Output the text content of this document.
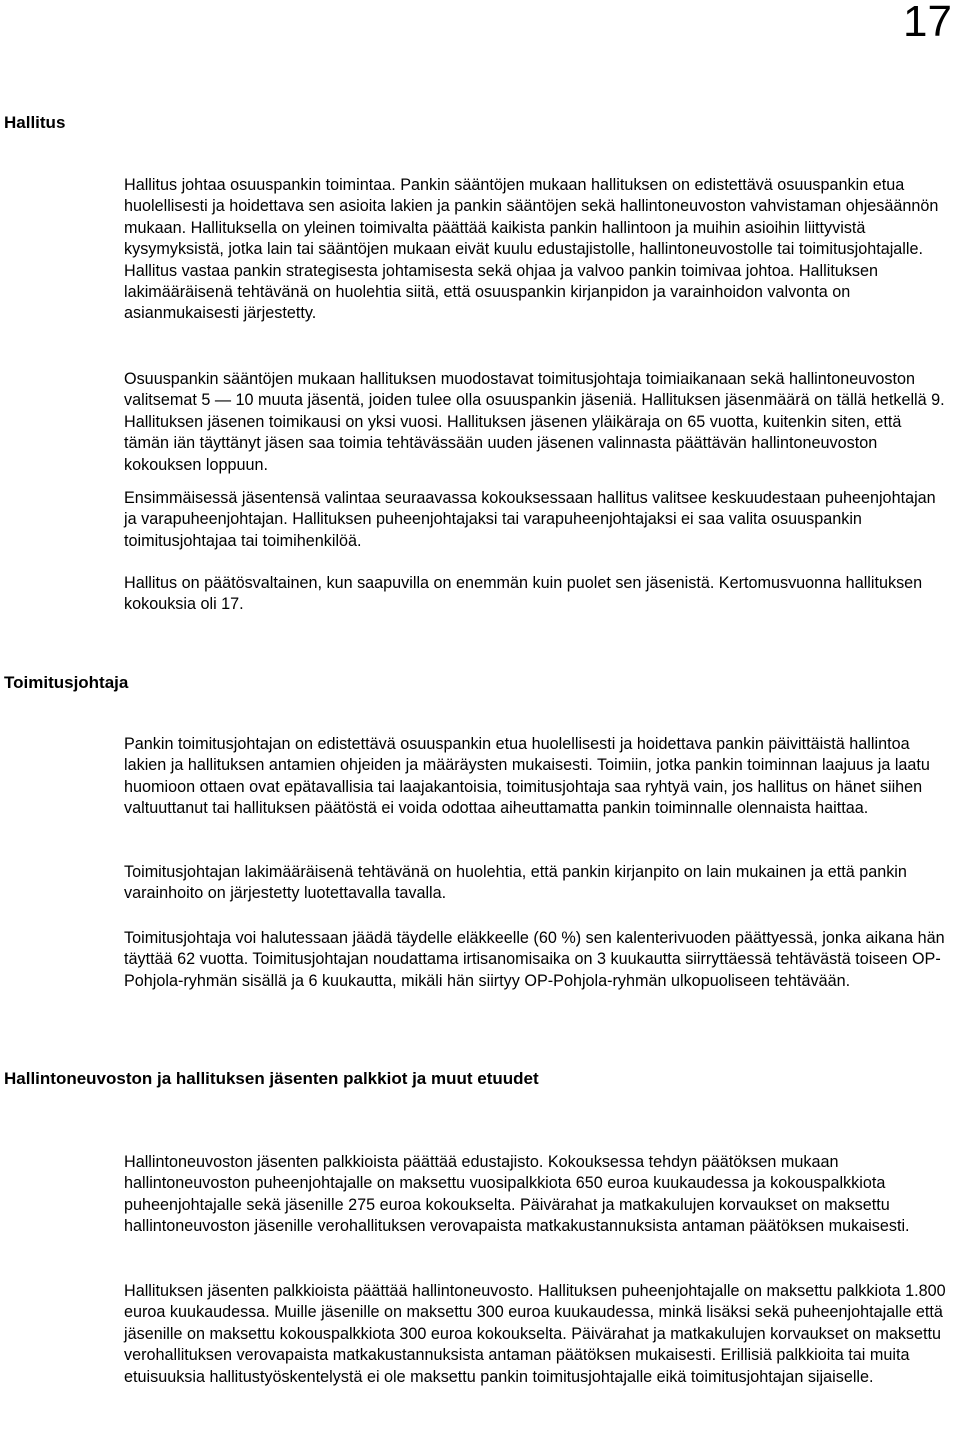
17
Hallitus

Hallitus johtaa osuuspankin toimintaa. Pankin sääntöjen mukaan hallituksen on edistettävä osuuspankin etua huolellisesti ja hoidettava sen asioita lakien ja pankin sääntöjen sekä hallintoneuvoston vahvistaman ohjesäännön mukaan. Hallituksella on yleinen toimivalta päättää kaikista pankin hallintoon ja muihin asioihin liittyvistä kysymyksistä, jotka lain tai sääntöjen mukaan eivät kuulu edustajistolle, hallintoneuvostolle tai toimitusjohtajalle. Hallitus vastaa pankin strategisesta johtamisesta sekä ohjaa ja valvoo pankin toimivaa johtoa. Hallituksen lakimääräisenä tehtävänä on huolehtia siitä, että osuuspankin kirjanpidon ja varainhoidon valvonta on asianmukaisesti järjestetty.

Osuuspankin sääntöjen mukaan hallituksen muodostavat toimitusjohtaja toimiaikanaan sekä hallintoneuvoston valitsemat 5 — 10 muuta jäsentä, joiden tulee olla osuuspankin jäseniä. Hallituksen jäsenmäärä on tällä hetkellä 9. Hallituksen jäsenen toimikausi on yksi vuosi. Hallituksen jäsenen yläikäraja on 65 vuotta, kuitenkin siten, että tämän iän täyttänyt jäsen saa toimia tehtävässään uuden jäsenen valinnasta päättävän hallintoneuvoston kokouksen loppuun.

Ensimmäisessä jäsentensä valintaa seuraavassa kokouksessaan hallitus valitsee keskuudestaan puheenjohtajan ja varapuheenjohtajan. Hallituksen puheenjohtajaksi tai varapuheenjohtajaksi ei saa valita osuuspankin toimitusjohtajaa tai toimihenkilöä.

Hallitus on päätösvaltainen, kun saapuvilla on enemmän kuin puolet sen jäsenistä. Kertomusvuonna hallituksen kokouksia oli 17.

Toimitusjohtaja

Pankin toimitusjohtajan on edistettävä osuuspankin etua huolellisesti ja hoidettava pankin päivittäistä hallintoa lakien ja hallituksen antamien ohjeiden ja määräysten mukaisesti. Toimiin, jotka pankin toiminnan laajuus ja laatu huomioon ottaen ovat epätavallisia tai laajakantoisia, toimitusjohtaja saa ryhtyä vain, jos hallitus on hänet siihen valtuuttanut tai hallituksen päätöstä ei voida odottaa aiheuttamatta pankin toiminnalle olennaista haittaa.

Toimitusjohtajan lakimääräisenä tehtävänä on huolehtia, että pankin kirjanpito on lain mukainen ja että pankin varainhoito on järjestetty luotettavalla tavalla.

Toimitusjohtaja voi halutessaan jäädä täydelle eläkkeelle (60 %) sen kalenterivuoden päättyessä, jonka aikana hän täyttää 62 vuotta. Toimitusjohtajan noudattama irtisanomisaika on 3 kuukautta siirryttäessä tehtävästä toiseen OP-Pohjola-ryhmän sisällä ja 6 kuukautta, mikäli hän siirtyy OP-Pohjola-ryhmän ulkopuoliseen tehtävään.

Hallintoneuvoston ja hallituksen jäsenten palkkiot ja muut etuudet

Hallintoneuvoston jäsenten palkkioista päättää edustajisto. Kokouksessa tehdyn päätöksen mukaan hallintoneuvoston puheenjohtajalle on maksettu vuosipalkkiota 650 euroa kuukaudessa ja kokouspalkkiota puheenjohtajalle sekä jäsenille 275 euroa kokoukselta. Päivärahat ja matkakulujen korvaukset on maksettu hallintoneuvoston jäsenille verohallituksen verovapaista matkakustannuksista antaman päätöksen mukaisesti.

Hallituksen jäsenten palkkioista päättää hallintoneuvosto. Hallituksen puheenjohtajalle on maksettu palkkiota 1.800 euroa kuukaudessa. Muille jäsenille on maksettu 300 euroa kuukaudessa, minkä lisäksi sekä puheenjohtajalle että jäsenille on maksettu kokouspalkkiota 300 euroa kokoukselta. Päivärahat ja matkakulujen korvaukset on maksettu verohallituksen verovapaista matkakustannuksista antaman päätöksen mukaisesti. Erillisiä palkkioita tai muita etuisuuksia hallitustyöskentelystä ei ole maksettu pankin toimitusjohtajalle eikä toimitusjohtajan sijaiselle.
